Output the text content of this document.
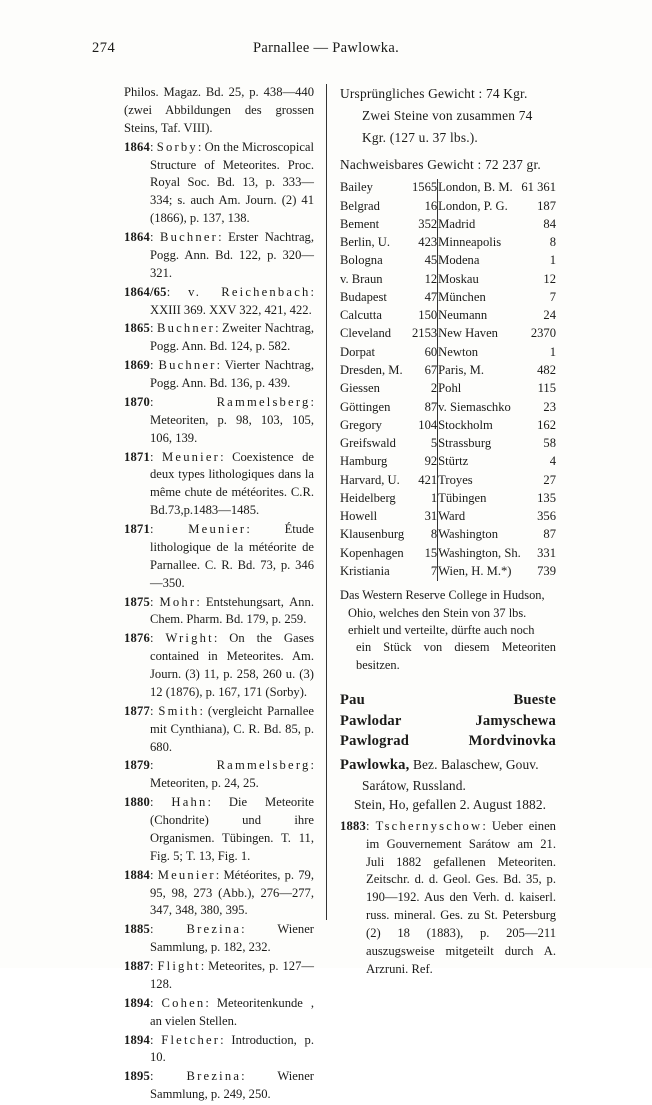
274	Parnallee — Pawlowka.
Philos. Magaz. Bd. 25, p. 438—440 (zwei Abbildungen des grossen Steins, Taf. VIII).
1864: Sorby: On the Microscopical Structure of Meteorites. Proc. Royal Soc. Bd. 13, p. 333—334; s. auch Am. Journ. (2) 41 (1866), p. 137, 138.
1864: Buchner: Erster Nachtrag, Pogg. Ann. Bd. 122, p. 320—321.
1864/65: v. Reichenbach: XXIII 369. XXV 322, 421, 422.
1865: Buchner: Zweiter Nachtrag, Pogg. Ann. Bd. 124, p. 582.
1869: Buchner: Vierter Nachtrag, Pogg. Ann. Bd. 136, p. 439.
1870: Rammelsberg: Meteoriten, p. 98, 103, 105, 106, 139.
1871: Meunier: Coexistence de deux types lithologiques dans la même chute de météorites. C.R. Bd.73,p.1483—1485.
1871: Meunier: Étude lithologique de la météorite de Parnallee. C. R. Bd. 73, p. 346—350.
1875: Mohr: Entstehungsart, Ann. Chem. Pharm. Bd. 179, p. 259.
1876: Wright: On the Gases contained in Meteorites. Am. Journ. (3) 11, p. 258, 260 u. (3) 12 (1876), p. 167, 171 (Sorby).
1877: Smith: (vergleicht Parnallee mit Cynthiana), C. R. Bd. 85, p. 680.
1879: Rammelsberg: Meteoriten, p. 24, 25.
1880: Hahn: Die Meteorite (Chondrite) und ihre Organismen. Tübingen. T. 11, Fig. 5; T. 13, Fig. 1.
1884: Meunier: Météorites, p. 79, 95, 98, 273 (Abb.), 276—277, 347, 348, 380, 395.
1885: Brezina: Wiener Sammlung, p. 182, 232.
1887: Flight: Meteorites, p. 127—128.
1894: Cohen: Meteoritenkunde , an vielen Stellen.
1894: Fletcher: Introduction, p. 10.
1895: Brezina: Wiener Sammlung, p. 249, 250.
Ursprüngliches Gewicht : 74 Kgr.
Zwei Steine von zusammen 74
Kgr. (127 u. 37 lbs.).
Nachweisbares Gewicht : 72 237 gr.
Bailey	1565	London, B. M.	61 361
Belgrad	16	London, P. G.	187
Bement	352	Madrid	84
Berlin, U.	423	Minneapolis	8
Bologna	45	Modena	1
v. Braun	12	Moskau	12
Budapest	47	München	7
Calcutta	150	Neumann	24
Cleveland	2153	New Haven	2370
Dorpat	60	Newton	1
Dresden, M.	67	Paris, M.	482
Giessen	2	Pohl	115
Göttingen	87	v. Siemaschko	23
Gregory	104	Stockholm	162
Greifswald	5	Strassburg	58
Hamburg	92	Stürtz	4
Harvard, U.	421	Troyes	27
Heidelberg	1	Tübingen	135
Howell	31	Ward	356
Klausenburg	8	Washington	87
Kopenhagen	15	Washington, Sh.	331
Kristiania	7	Wien, H. M.*)	739
Das Western Reserve College in Hudson,
Ohio, welches den Stein von 37 lbs.
erhielt und verteilte, dürfte auch noch
ein Stück von diesem Meteoriten besitzen.
Pau	Bueste
Pawlodar	Jamyschewa
Pawlograd	Mordvinovka
Pawlowka, Bez. Balaschew, Gouv.
Sarátow, Russland.
Stein, Ho, gefallen 2. August 1882.
1883: Tschernyschow: Ueber einen im Gouvernement Sarátow am 21. Juli 1882 gefallenen Meteoriten. Zeitschr. d. d. Geol. Ges. Bd. 35, p. 190—192. Aus den Verh. d. kaiserl. russ. mineral. Ges. zu St. Petersburg (2) 18 (1883), p. 205—211 auszugsweise mitgeteilt durch A. Arzruni. Ref.
